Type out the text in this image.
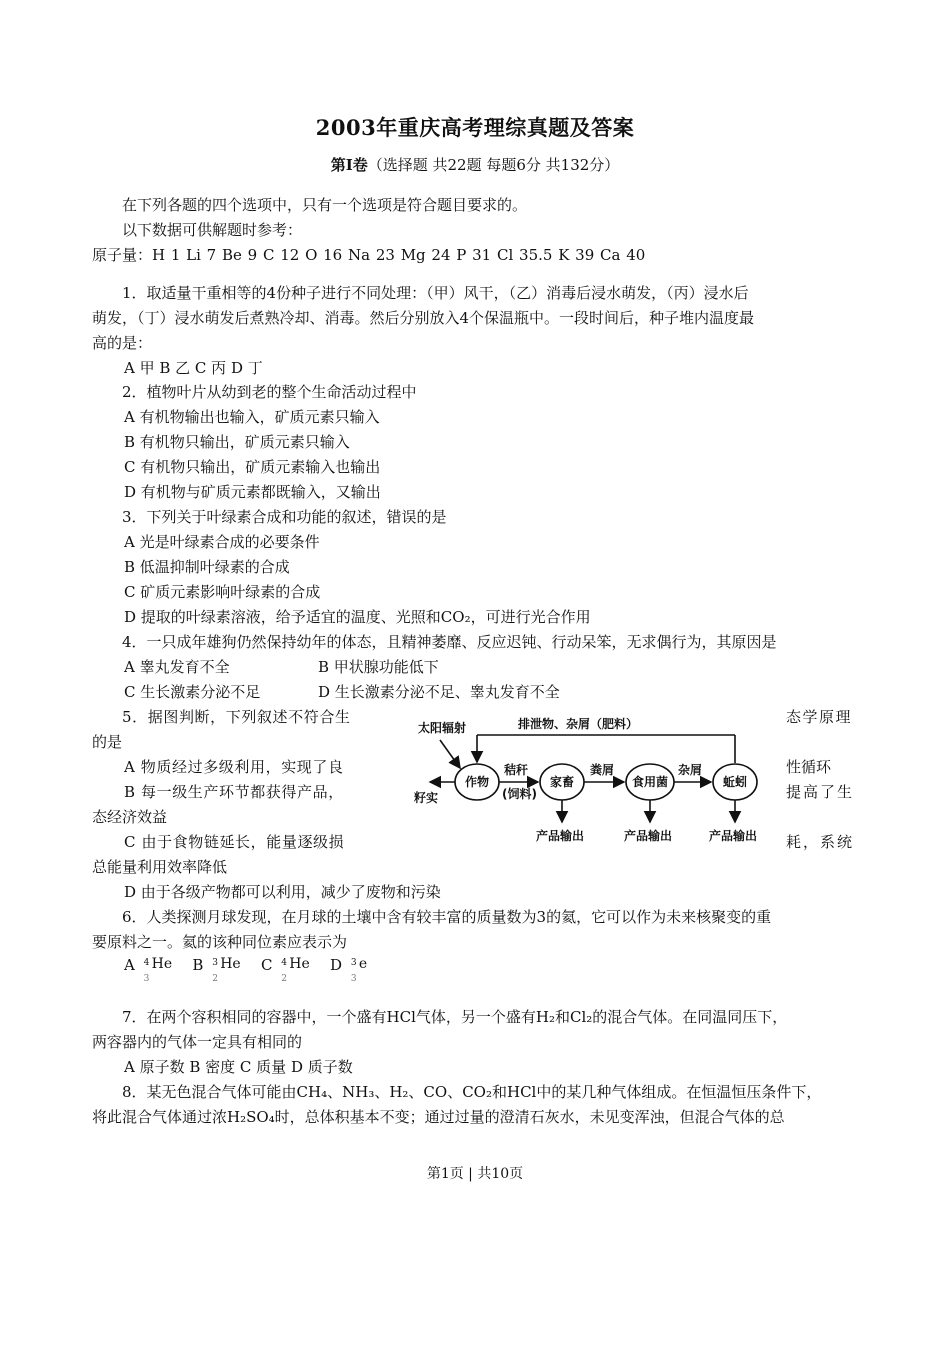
2003年重庆高考理综真题及答案
第Ⅰ卷（选择题 共22题 每题6分 共132分）
在下列各题的四个选项中，只有一个选项是符合题目要求的。
以下数据可供解题时参考：
原子量：H 1 Li 7 Be 9 C 12 O 16 Na 23 Mg 24 P 31 Cl 35.5 K 39 Ca 40
1．取适量干重相等的4份种子进行不同处理：（甲）风干，（乙）消毒后浸水萌发，（丙）浸水后
萌发，（丁）浸水萌发后煮熟冷却、消毒。然后分别放入4个保温瓶中。一段时间后，种子堆内温度最
高的是：
A 甲 B 乙 C 丙 D 丁
2．植物叶片从幼到老的整个生命活动过程中
A 有机物输出也输入，矿质元素只输入
B 有机物只输出，矿质元素只输入
C 有机物只输出，矿质元素输入也输出
D 有机物与矿质元素都既输入，又输出
3．下列关于叶绿素合成和功能的叙述，错误的是
A 光是叶绿素合成的必要条件
B 低温抑制叶绿素的合成
C 矿质元素影响叶绿素的合成
D 提取的叶绿素溶液，给予适宜的温度、光照和CO₂，可进行光合作用
4．一只成年雄狗仍然保持幼年的体态，且精神萎靡、反应迟钝、行动呆笨，无求偶行为，其原因是
A 睾丸发育不全	B 甲状腺功能低下
C 生长激素分泌不足	D 生长激素分泌不足、睾丸发育不全
5．据图判断，下列叙述不符合生	态学原理
的是
A 物质经过多级利用，实现了良	性循环
B 每一级生产环节都获得产品，	提高了生
态经济效益
C 由于食物链延长，能量逐级损	耗，系统
总能量利用效率降低
D 由于各级产物都可以利用，减少了废物和污染
排泄物、杂屑（肥料）
太阳辐射
作物	家畜	食用菌	蚯蚓
籽实
秸秆
(饲料)
粪屑	杂屑
产品输出	产品输出	产品输出
6．人类探测月球发现，在月球的土壤中含有较丰富的质量数为3的氦，它可以作为未来核聚变的重
要原料之一。氦的该种同位素应表示为
A 4 He
3
B 3 He
2
C 4 He
2
D 3 e
3
7．在两个容积相同的容器中，一个盛有HCl气体，另一个盛有H₂和Cl₂的混合气体。在同温同压下，
两容器内的气体一定具有相同的
A 原子数 B 密度 C 质量 D 质子数
8．某无色混合气体可能由CH₄、NH₃、H₂、CO、CO₂和HCl中的某几种气体组成。在恒温恒压条件下，
将此混合气体通过浓H₂SO₄时，总体积基本不变；通过过量的澄清石灰水，未见变浑浊，但混合气体的总
第1页 | 共10页
